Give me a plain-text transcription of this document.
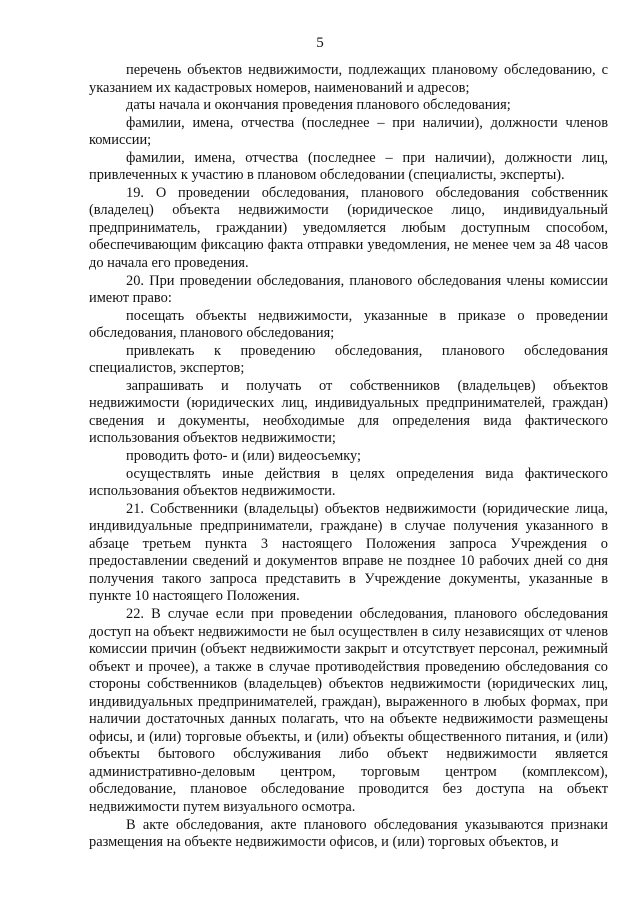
5

перечень объектов недвижимости, подлежащих плановому обследованию, с указанием их кадастровых номеров, наименований и адресов;

даты начала и окончания проведения планового обследования;

фамилии, имена, отчества (последнее – при наличии), должности членов комиссии;

фамилии, имена, отчества (последнее – при наличии), должности лиц, привлеченных к участию в плановом обследовании (специалисты, эксперты).

19. О проведении обследования, планового обследования собственник (владелец) объекта недвижимости (юридическое лицо, индивидуальный предприниматель, граждании) уведомляется любым доступным способом, обеспечивающим фиксацию факта отправки уведомления, не менее чем за 48 часов до начала его проведения.

20. При проведении обследования, планового обследования члены комиссии имеют право:

посещать объекты недвижимости, указанные в приказе о проведении обследования, планового обследования;

привлекать к проведению обследования, планового обследования специалистов, экспертов;

запрашивать и получать от собственников (владельцев) объектов недвижимости (юридических лиц, индивидуальных предпринимателей, граждан) сведения и документы, необходимые для определения вида фактического использования объектов недвижимости;

проводить фото- и (или) видеосъемку;

осуществлять иные действия в целях определения вида фактического использования объектов недвижимости.

21. Собственники (владельцы) объектов недвижимости (юридические лица, индивидуальные предприниматели, граждане) в случае получения указанного в абзаце третьем пункта 3 настоящего Положения запроса Учреждения о предоставлении сведений и документов вправе не позднее 10 рабочих дней со дня получения такого запроса представить в Учреждение документы, указанные в пункте 10 настоящего Положения.

22. В случае если при проведении обследования, планового обследования доступ на объект недвижимости не был осуществлен в силу независящих от членов комиссии причин (объект недвижимости закрыт и отсутствует персонал, режимный объект и прочее), а также в случае противодействия проведению обследования со стороны собственников (владельцев) объектов недвижимости (юридических лиц, индивидуальных предпринимателей, граждан), выраженного в любых формах, при наличии достаточных данных полагать, что на объекте недвижимости размещены офисы, и (или) торговые объекты, и (или) объекты общественного питания, и (или) объекты бытового обслуживания либо объект недвижимости является административно-деловым центром, торговым центром (комплексом), обследование, плановое обследование проводится без доступа на объект недвижимости путем визуального осмотра.

В акте обследования, акте планового обследования указываются признаки размещения на объекте недвижимости офисов, и (или) торговых объектов, и
